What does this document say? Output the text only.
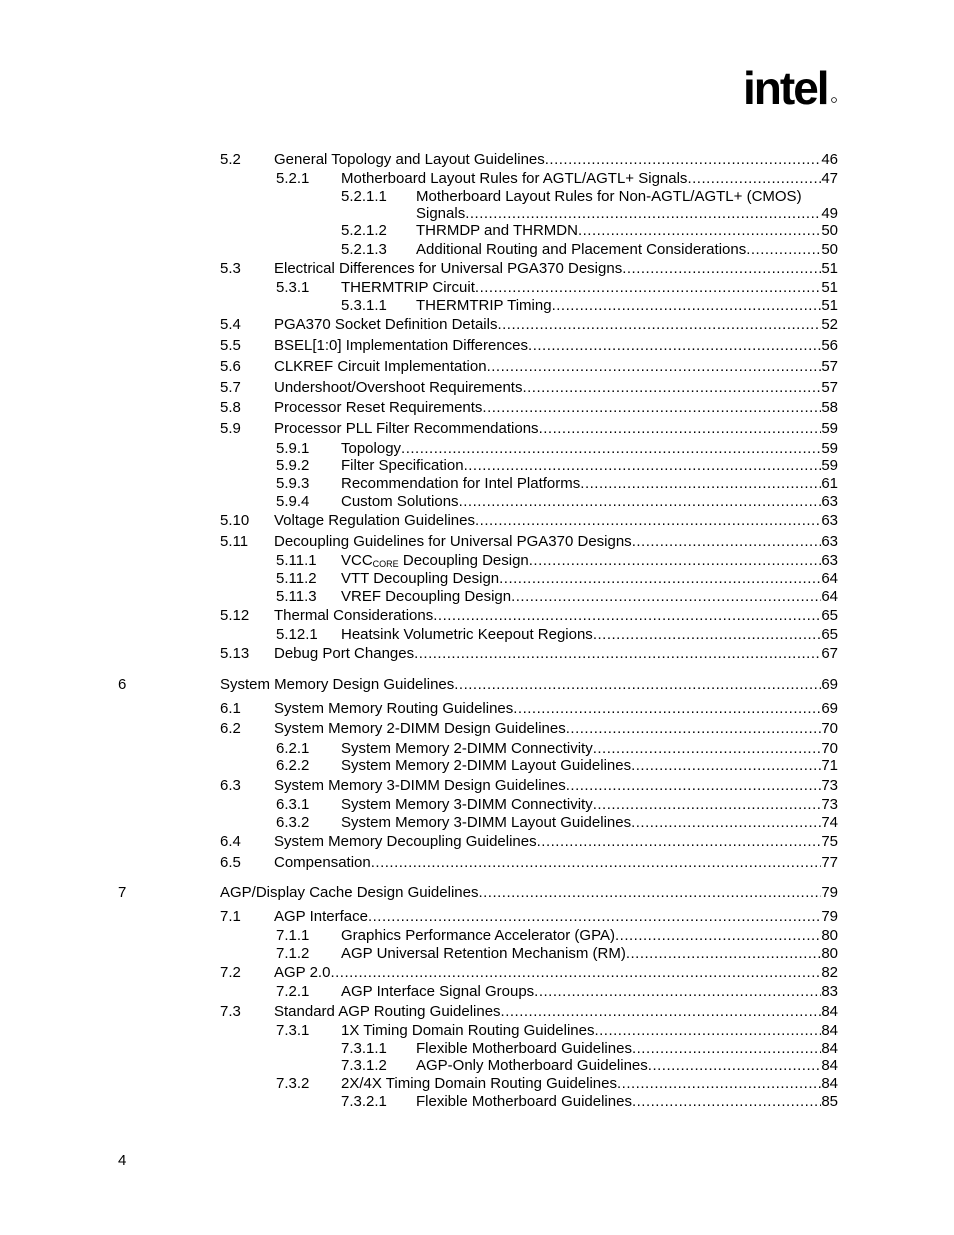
intel
5.2 General Topology and Layout Guidelines .....	46
5.2.1 Motherboard Layout Rules for AGTL/AGTL+ Signals .....	47
5.2.1.1 Motherboard Layout Rules for Non-AGTL/AGTL+ (CMOS)
Signals .....	49
5.2.1.2 THRMDP and THRMDN .....	50
5.2.1.3 Additional Routing and Placement Considerations .....	50
5.3 Electrical Differences for Universal PGA370 Designs .....	51
5.3.1 THERMTRIP Circuit .....	51
5.3.1.1 THERMTRIP Timing .....	51
5.4 PGA370 Socket Definition Details .....	52
5.5 BSEL[1:0] Implementation Differences .....	56
5.6 CLKREF Circuit Implementation .....	57
5.7 Undershoot/Overshoot Requirements .....	57
5.8 Processor Reset Requirements .....	58
5.9 Processor PLL Filter Recommendations .....	59
5.9.1 Topology .....	59
5.9.2 Filter Specification .....	59
5.9.3 Recommendation for Intel Platforms .....	61
5.9.4 Custom Solutions .....	63
5.10 Voltage Regulation Guidelines .....	63
5.11 Decoupling Guidelines for Universal PGA370 Designs .....	63
5.11.1 $VCC_{CORE}$ Decoupling Design .....	63
5.11.2 VTT Decoupling Design .....	64
5.11.3 VREF Decoupling Design .....	64
5.12 Thermal Considerations .....	65
5.12.1 Heatsink Volumetric Keepout Regions .....	65
5.13 Debug Port Changes .....	67
6	System Memory Design Guidelines .....	69
6.1 System Memory Routing Guidelines .....	69
6.2 System Memory 2-DIMM Design Guidelines .....	70
6.2.1 System Memory 2-DIMM Connectivity .....	70
6.2.2 System Memory 2-DIMM Layout Guidelines .....	71
6.3 System Memory 3-DIMM Design Guidelines .....	73
6.3.1 System Memory 3-DIMM Connectivity .....	73
6.3.2 System Memory 3-DIMM Layout Guidelines .....	74
6.4 System Memory Decoupling Guidelines .....	75
6.5 Compensation .....	77
7	AGP/Display Cache Design Guidelines .....	79
7.1 AGP Interface .....	79
7.1.1 Graphics Performance Accelerator (GPA) .....	80
7.1.2 AGP Universal Retention Mechanism (RM) .....	80
7.2 AGP 2.0 .....	82
7.2.1 AGP Interface Signal Groups .....	83
7.3 Standard AGP Routing Guidelines .....	84
7.3.1 1X Timing Domain Routing Guidelines .....	84
7.3.1.1 Flexible Motherboard Guidelines .....	84
7.3.1.2 AGP-Only Motherboard Guidelines .....	84
7.3.2 2X/4X Timing Domain Routing Guidelines .....	84
7.3.2.1 Flexible Motherboard Guidelines .....	85
4
